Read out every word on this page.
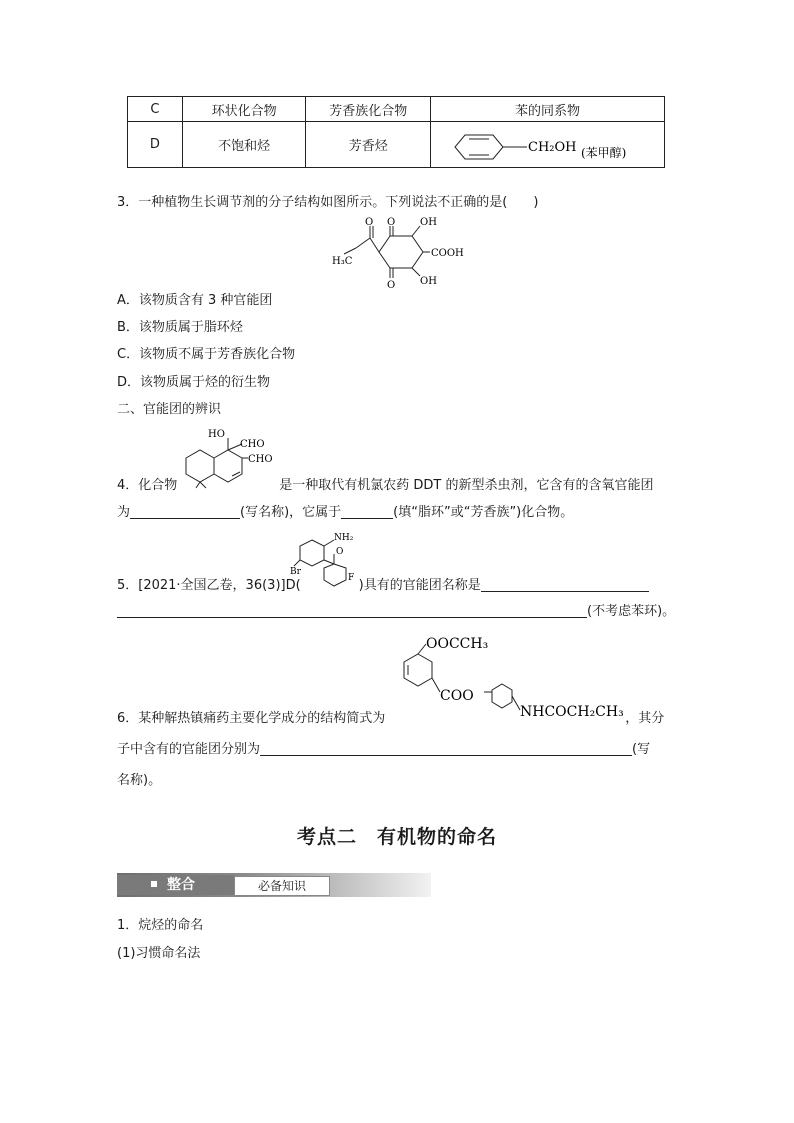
C	环状化合物	芳香族化合物	苯的同系物
D	不饱和烃	芳香烃	CH₂OH (苯甲醇)
3．一种植物生长调节剂的分子结构如图所示。下列说法不正确的是(　　)
O O
O
OH
COOH
OH
H₃C
A．该物质含有 3 种官能团
B．该物质属于脂环烃
C．该物质不属于芳香族化合物
D．该物质属于烃的衍生物
二、官能团的辨识
HO
CHO
CHO
4．化合物	是一种取代有机氯农药 DDT 的新型杀虫剂，它含有的含氧官能团
为	(写名称)，它属于	(填“脂环”或“芳香族”)化合物。
NH₂
O
Br
F
5．[2021·全国乙卷，36(3)]D(	)具有的官能团名称是
(不考虑苯环)。
OOCCH₃
COO
NHCOCH₂CH₃
6．某种解热镇痛药主要化学成分的结构简式为	，其分
子中含有的官能团分别为	(写
名称)。
考点二　有机物的命名
整合	必备知识
1．烷烃的命名
(1)习惯命名法
